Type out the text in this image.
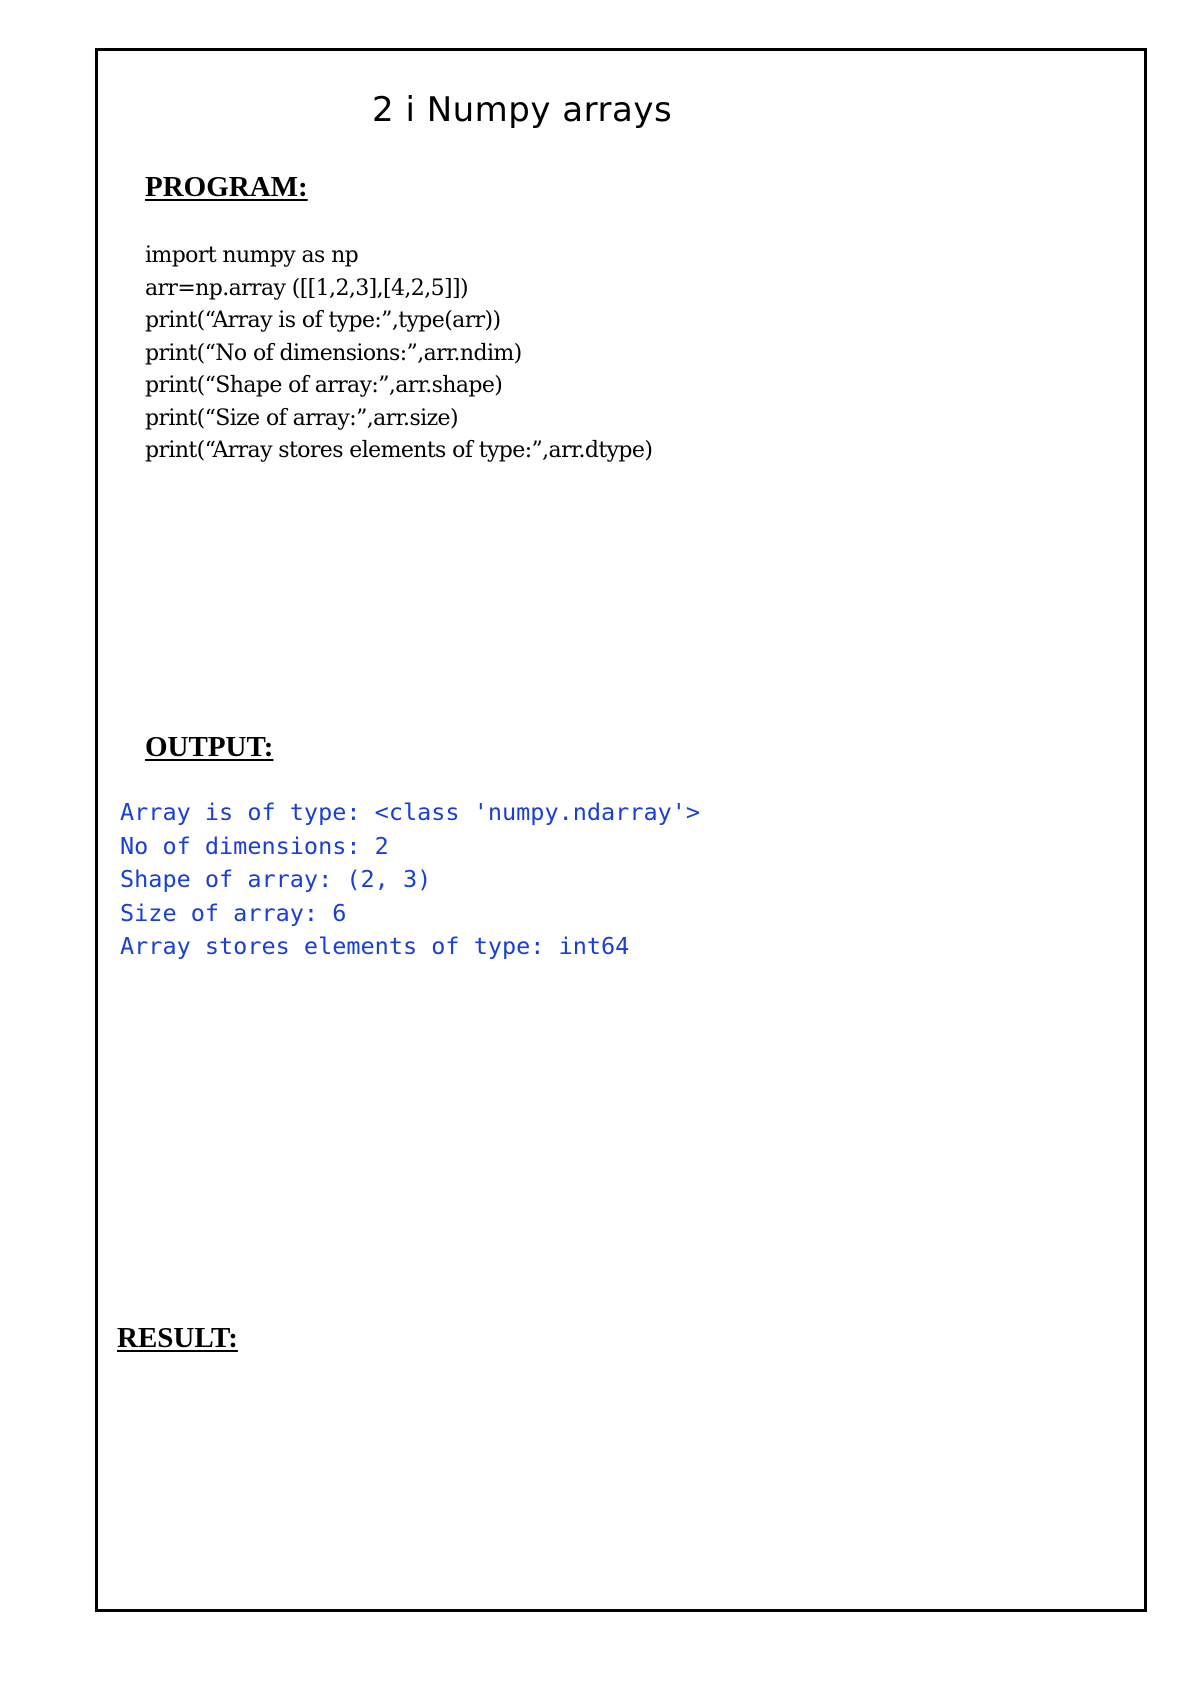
2 i Numpy arrays
PROGRAM:
import numpy as np
arr=np.array ([[1,2,3],[4,2,5]])
print(“Array is of type:”,type(arr))
print(“No of dimensions:”,arr.ndim)
print(“Shape of array:”,arr.shape)
print(“Size of array:”,arr.size)
print(“Array stores elements of type:”,arr.dtype)
OUTPUT:
Array is of type: <class 'numpy.ndarray'>
No of dimensions: 2
Shape of array: (2, 3)
Size of array: 6
Array stores elements of type: int64
RESULT:
